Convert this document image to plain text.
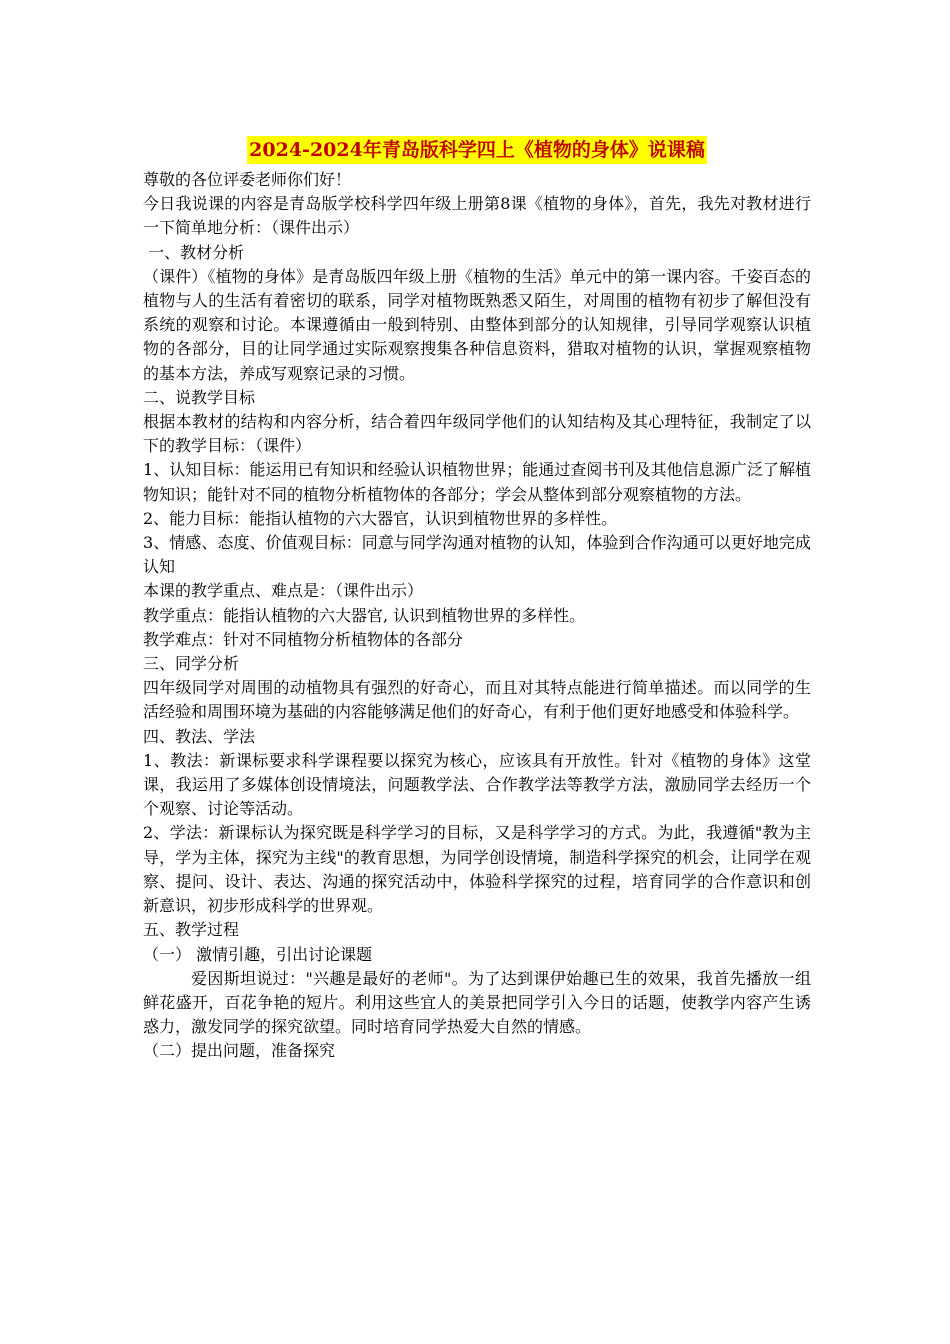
2024-2024年青岛版科学四上《植物的身体》说课稿

尊敬的各位评委老师你们好！

今日我说课的内容是青岛版学校科学四年级上册第8课《植物的身体》，首先，我先对教材进行一下简单地分析：（课件出示）

一、教材分析

（课件）《植物的身体》是青岛版四年级上册《植物的生活》单元中的第一课内容。千姿百态的植物与人的生活有着密切的联系，同学对植物既熟悉又陌生，对周围的植物有初步了解但没有系统的观察和讨论。本课遵循由一般到特别、由整体到部分的认知规律，引导同学观察认识植物的各部分，目的让同学通过实际观察搜集各种信息资料，猎取对植物的认识，掌握观察植物的基本方法，养成写观察记录的习惯。

二、说教学目标

根据本教材的结构和内容分析，结合着四年级同学他们的认知结构及其心理特征，我制定了以下的教学目标：（课件）

1、认知目标：能运用已有知识和经验认识植物世界；能通过查阅书刊及其他信息源广泛了解植物知识；能针对不同的植物分析植物体的各部分；学会从整体到部分观察植物的方法。

2、能力目标：能指认植物的六大器官，认识到植物世界的多样性。

3、情感、态度、价值观目标：同意与同学沟通对植物的认知，体验到合作沟通可以更好地完成认知

本课的教学重点、难点是：（课件出示）

教学重点：能指认植物的六大器官, 认识到植物世界的多样性。

教学难点：针对不同植物分析植物体的各部分

三、同学分析

四年级同学对周围的动植物具有强烈的好奇心，而且对其特点能进行简单描述。而以同学的生活经验和周围环境为基础的内容能够满足他们的好奇心，有利于他们更好地感受和体验科学。

四、教法、学法

1、教法：新课标要求科学课程要以探究为核心，应该具有开放性。针对《植物的身体》这堂课，我运用了多媒体创设情境法，问题教学法、合作教学法等教学方法，激励同学去经历一个个观察、讨论等活动。

2、学法：新课标认为探究既是科学学习的目标，又是科学学习的方式。为此，我遵循"教为主导，学为主体，探究为主线"的教育思想，为同学创设情境，制造科学探究的机会，让同学在观察、提问、设计、表达、沟通的探究活动中，体验科学探究的过程，培育同学的合作意识和创新意识，初步形成科学的世界观。

五、教学过程

（一） 激情引趣，引出讨论课题

爱因斯坦说过："兴趣是最好的老师"。为了达到课伊始趣已生的效果，我首先播放一组鲜花盛开，百花争艳的短片。利用这些宜人的美景把同学引入今日的话题，使教学内容产生诱惑力，激发同学的探究欲望。同时培育同学热爱大自然的情感。

（二）提出问题，准备探究
